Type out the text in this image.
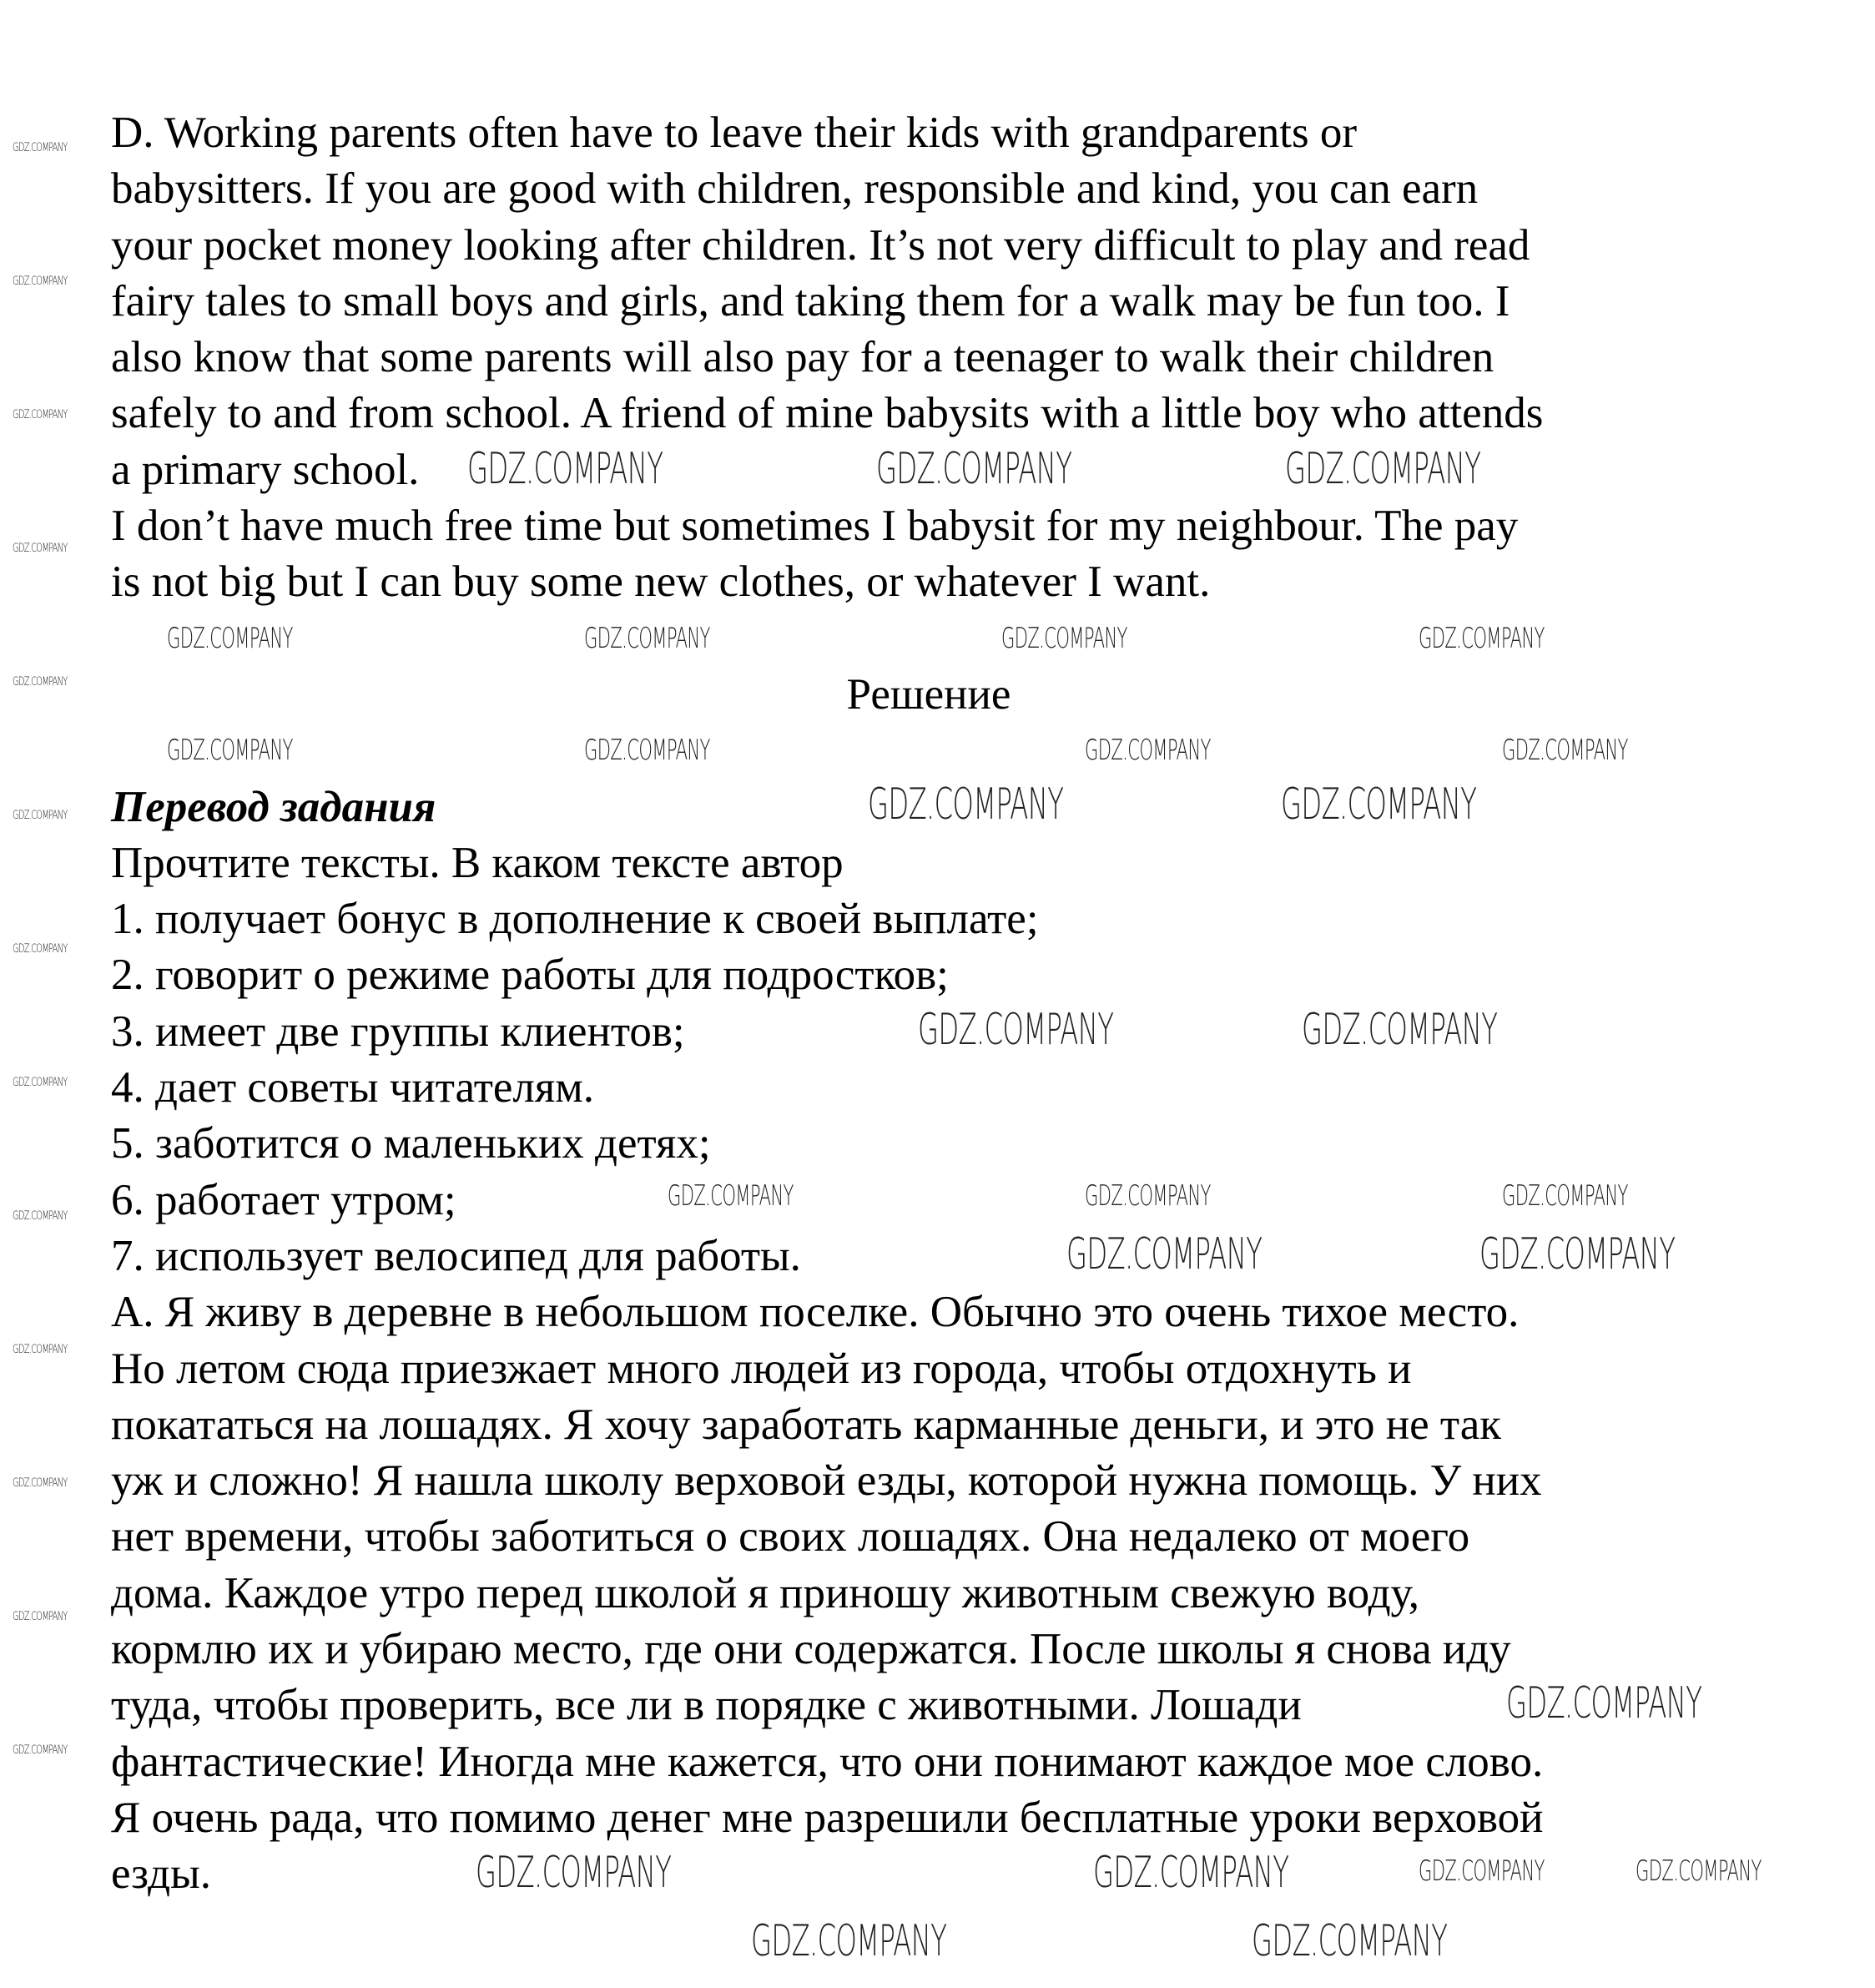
D. Working parents often have to leave their kids with grandparents or
babysitters. If you are good with children, responsible and kind, you can earn
your pocket money looking after children. It’s not very difficult to play and read
fairy tales to small boys and girls, and taking them for a walk may be fun too. I
also know that some parents will also pay for a teenager to walk their children
safely to and from school. A friend of mine babysits with a little boy who attends
a primary school.
I don’t have much free time but sometimes I babysit for my neighbour. The pay
is not big but I can buy some new clothes, or whatever I want.
Решение
Перевод задания
Прочтите тексты. В каком тексте автор
1. получает бонус в дополнение к своей выплате;
2. говорит о режиме работы для подростков;
3. имеет две группы клиентов;
4. дает советы читателям.
5. заботится о маленьких детях;
6. работает утром;
7. использует велосипед для работы.
А. Я живу в деревне в небольшом поселке. Обычно это очень тихое место.
Но летом сюда приезжает много людей из города, чтобы отдохнуть и
покататься на лошадях. Я хочу заработать карманные деньги, и это не так
уж и сложно! Я нашла школу верховой езды, которой нужна помощь. У них
нет времени, чтобы заботиться о своих лошадях. Она недалеко от моего
дома. Каждое утро перед школой я приношу животным свежую воду,
кормлю их и убираю место, где они содержатся. После школы я снова иду
туда, чтобы проверить, все ли в порядке с животными. Лошади
фантастические! Иногда мне кажется, что они понимают каждое мое слово.
Я очень рада, что помимо денег мне разрешили бесплатные уроки верховой
езды.
GDZ.COMPANY	GDZ.COMPANY	GDZ.COMPANY
GDZ.COMPANY	GDZ.COMPANY
GDZ.COMPANY	GDZ.COMPANY
GDZ.COMPANY	GDZ.COMPANY
GDZ.COMPANY
GDZ.COMPANY	GDZ.COMPANY
GDZ.COMPANY	GDZ.COMPANY
GDZ.COMPANY	GDZ.COMPANY	GDZ.COMPANY	GDZ.COMPANY
GDZ.COMPANY	GDZ.COMPANY	GDZ.COMPANY	GDZ.COMPANY
GDZ.COMPANY	GDZ.COMPANY	GDZ.COMPANY
GDZ.COMPANY	GDZ.COMPANY
GDZ.COMPANY
GDZ.COMPANY
GDZ.COMPANY
GDZ.COMPANY
GDZ.COMPANY
GDZ.COMPANY
GDZ.COMPANY
GDZ.COMPANY
GDZ.COMPANY
GDZ.COMPANY
GDZ.COMPANY
GDZ.COMPANY
GDZ.COMPANY
